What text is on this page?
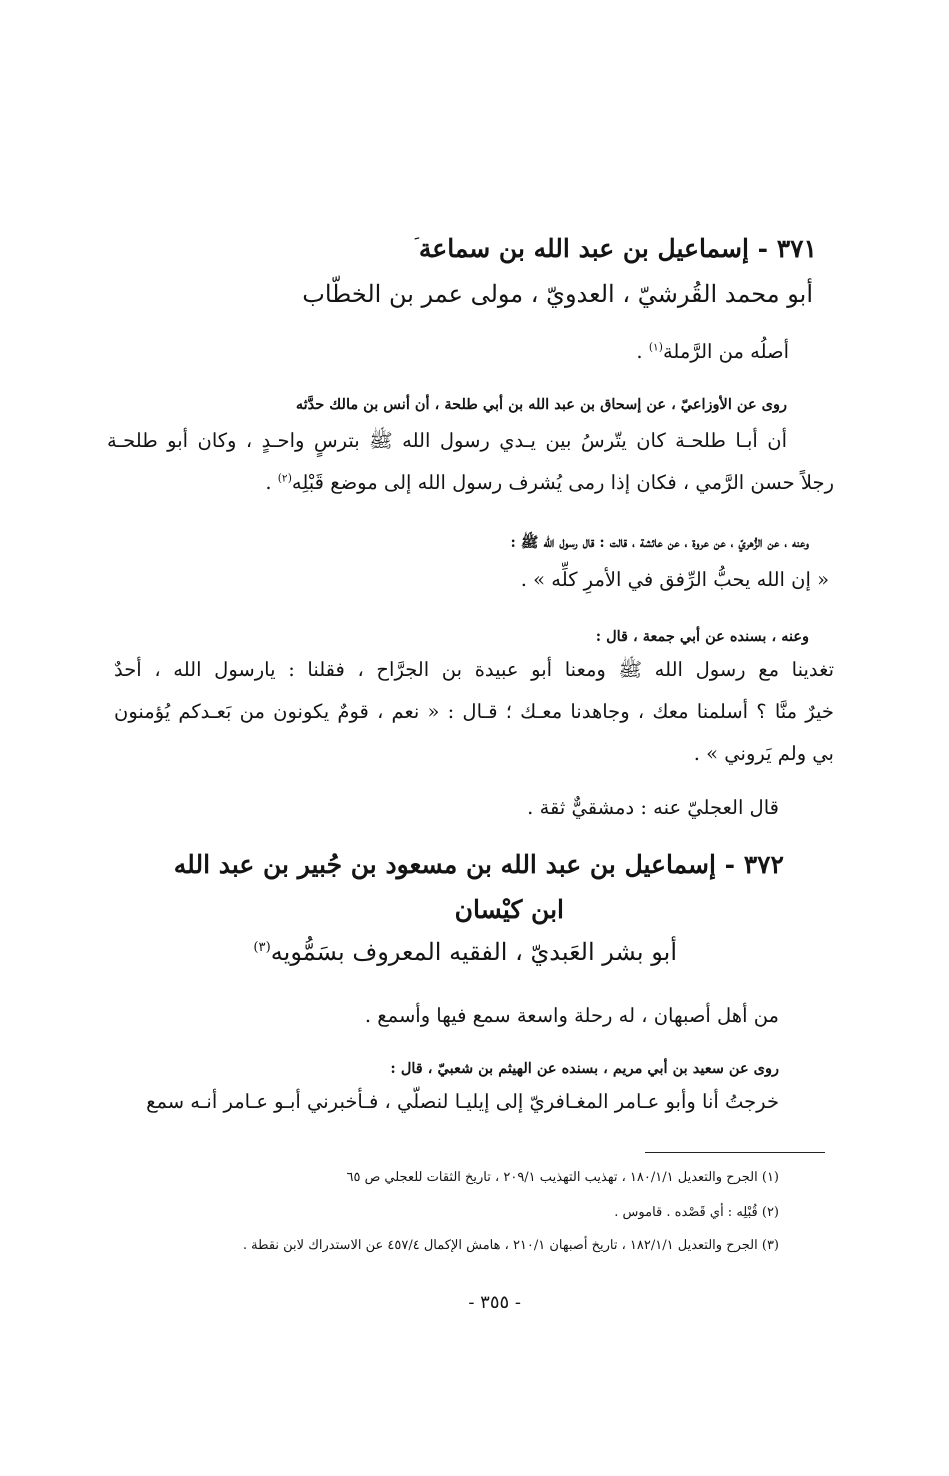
٣٧١ - إسماعيل بن عبد الله بن سماعة$^ﹶ$
أبو محمد القُرشيّ ، العدويّ ، مولى عمر بن الخطّاب
أصلُه من الرَّملة$^{(١)}$ .
روى عن الأوزاعيّ ، عن إسحاق بن عبد الله بن أبي طلحة ، أن أنس بن مالك حدَّثه
أن أبـا طلحـة كان يتّرسُ بين يـدي رسول الله ﷺ بترسٍ واحـدٍ ، وكان أبو طلحـة
رجلاً حسن الرَّمي ، فكان إذا رمى يُشرف رسول الله إلى موضع قَبْلِه$^{(٢)}$ .
وعنه ، عن الزُّهريّ ، عن عروة ، عن عائشة ، قالت : قال رسول الله ﷺ :
« إن الله يحبُّ الرِّفق في الأمرِ كلِّه » .
وعنه ، بسنده عن أبي جمعة ، قال :
تغدينا مع رسول الله ﷺ ومعنا أبو عبيدة بن الجرَّاح ، فقلنا : يارسول الله ، أحدٌ
خيرٌ منَّا ؟ أسلمنا معك ، وجاهدنا معـك ؛ قـال : « نعم ، قومٌ يكونون من بَعـدكم يُؤمنون
بي ولم يَروني » .
قال العجليّ عنه : دمشقيٌّ ثقة .
٣٧٢ - إسماعيل بن عبد الله بن مسعود بن جُبير بن عبد الله
ابن كيْسان
أبو بشر العَبديّ ، الفقيه المعروف بسَمُّويه$^{(٣)}$
من أهل أصبهان ، له رحلة واسعة سمع فيها وأسمع .
روى عن سعيد بن أبي مريم ، بسنده عن الهيثم بن شعبيّ ، قال :
خرجتُ أنا وأبو عـامر المغـافريّ إلى إيليـا لنصلّي ، فـأخبرني أبـو عـامر أنـه سمع
(١) الجرح والتعديل ١٨٠/١/١ ، تهذيب التهذيب ٢٠٩/١ ، تاريخ الثقات للعجلي ص ٦٥
(٢) قُبْلِه : أي قَصْده . قاموس .
(٣) الجرح والتعديل ١٨٢/١/١ ، تاريخ أصبهان ٢١٠/١ ، هامش الإكمال ٤٥٧/٤ عن الاستدراك لابن نقطة .
- ٣٥٥ -
